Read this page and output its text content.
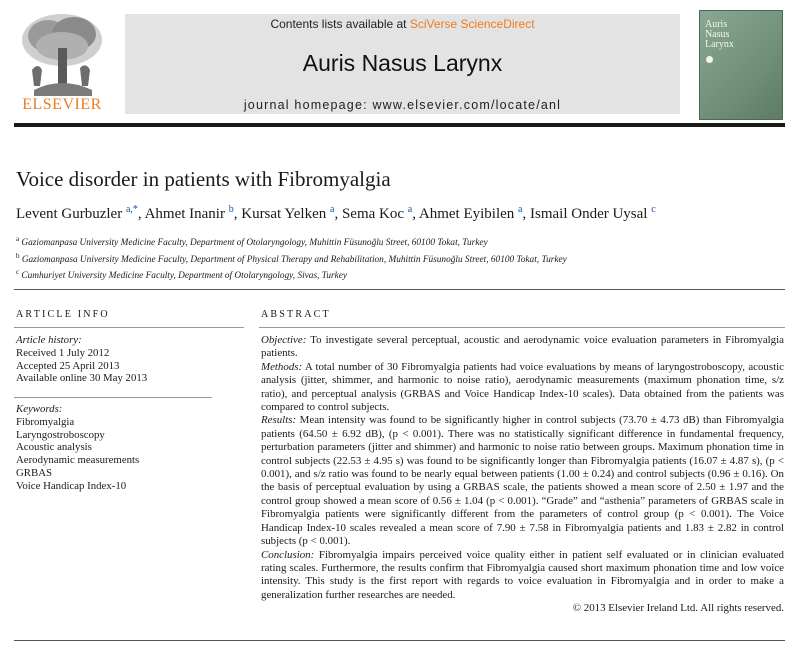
ELSEVIER
Contents lists available at SciVerse ScienceDirect
Auris Nasus Larynx
journal homepage: www.elsevier.com/locate/anl
Auris
Nasus
Larynx
Voice disorder in patients with Fibromyalgia
Levent Gurbuzler $^{a,*}$, Ahmet Inanir $^b$, Kursat Yelken $^a$, Sema Koc $^a$, Ahmet Eyibilen $^a$, Ismail Onder Uysal $^c$
$^a$ Gaziomanpasa University Medicine Faculty, Department of Otolaryngology, Muhittin Füsunoğlu Street, 60100 Tokat, Turkey
$^b$ Gaziomanpasa University Medicine Faculty, Department of Physical Therapy and Rehabilitation, Muhittin Füsunoğlu Street, 60100 Tokat, Turkey
$^c$ Cumhuriyet University Medicine Faculty, Department of Otolaryngology, Sivas, Turkey
ARTICLE INFO
Article history:
Received 1 July 2012
Accepted 25 April 2013
Available online 30 May 2013
Keywords:
Fibromyalgia
Laryngostroboscopy
Acoustic analysis
Aerodynamic measurements
GRBAS
Voice Handicap Index-10
ABSTRACT

Objective: To investigate several perceptual, acoustic and aerodynamic voice evaluation parameters in Fibromyalgia patients.

Methods: A total number of 30 Fibromyalgia patients had voice evaluations by means of laryngostroboscopy, acoustic analysis (jitter, shimmer, and harmonic to noise ratio), aerodynamic measurements (maximum phonation time, s/z ratio), and perceptual analysis (GRBAS and Voice Handicap Index-10 scales). Data obtained from the patients was compared to control subjects.

Results: Mean intensity was found to be significantly higher in control subjects (73.70 ± 4.73 dB) than Fibromyalgia patients (64.50 ± 6.92 dB), (p < 0.001). There was no statistically significant difference in fundamental frequency, perturbation parameters (jitter and shimmer) and harmonic to noise ratio between groups. Maximum phonation time in control subjects (22.53 ± 4.95 s) was found to be significantly longer than Fibromyalgia patients (16.07 ± 4.87 s), (p < 0.001), and s/z ratio was found to be nearly equal between patients (1.00 ± 0.24) and control subjects (0.96 ± 0.16). On the basis of perceptual evaluation by using a GRBAS scale, the patients showed a mean score of 2.50 ± 1.97 and the control group showed a mean score of 0.56 ± 1.04 (p < 0.001). “Grade” and “asthenia” parameters of GRBAS scale in Fibromyalgia patients were significantly different from the parameters of control group (p < 0.001). The Voice Handicap Index-10 scales revealed a mean score of 7.90 ± 7.58 in Fibromyalgia patients and 1.83 ± 2.82 in control subjects (p < 0.001).

Conclusion: Fibromyalgia impairs perceived voice quality either in patient self evaluated or in clinician evaluated rating scales. Furthermore, the results confirm that Fibromyalgia caused short maximum phonation time and low voice intensity. This study is the first report with regards to voice evaluation in Fibromyalgia and in order to make a generalization further researches are needed.

© 2013 Elsevier Ireland Ltd. All rights reserved.
